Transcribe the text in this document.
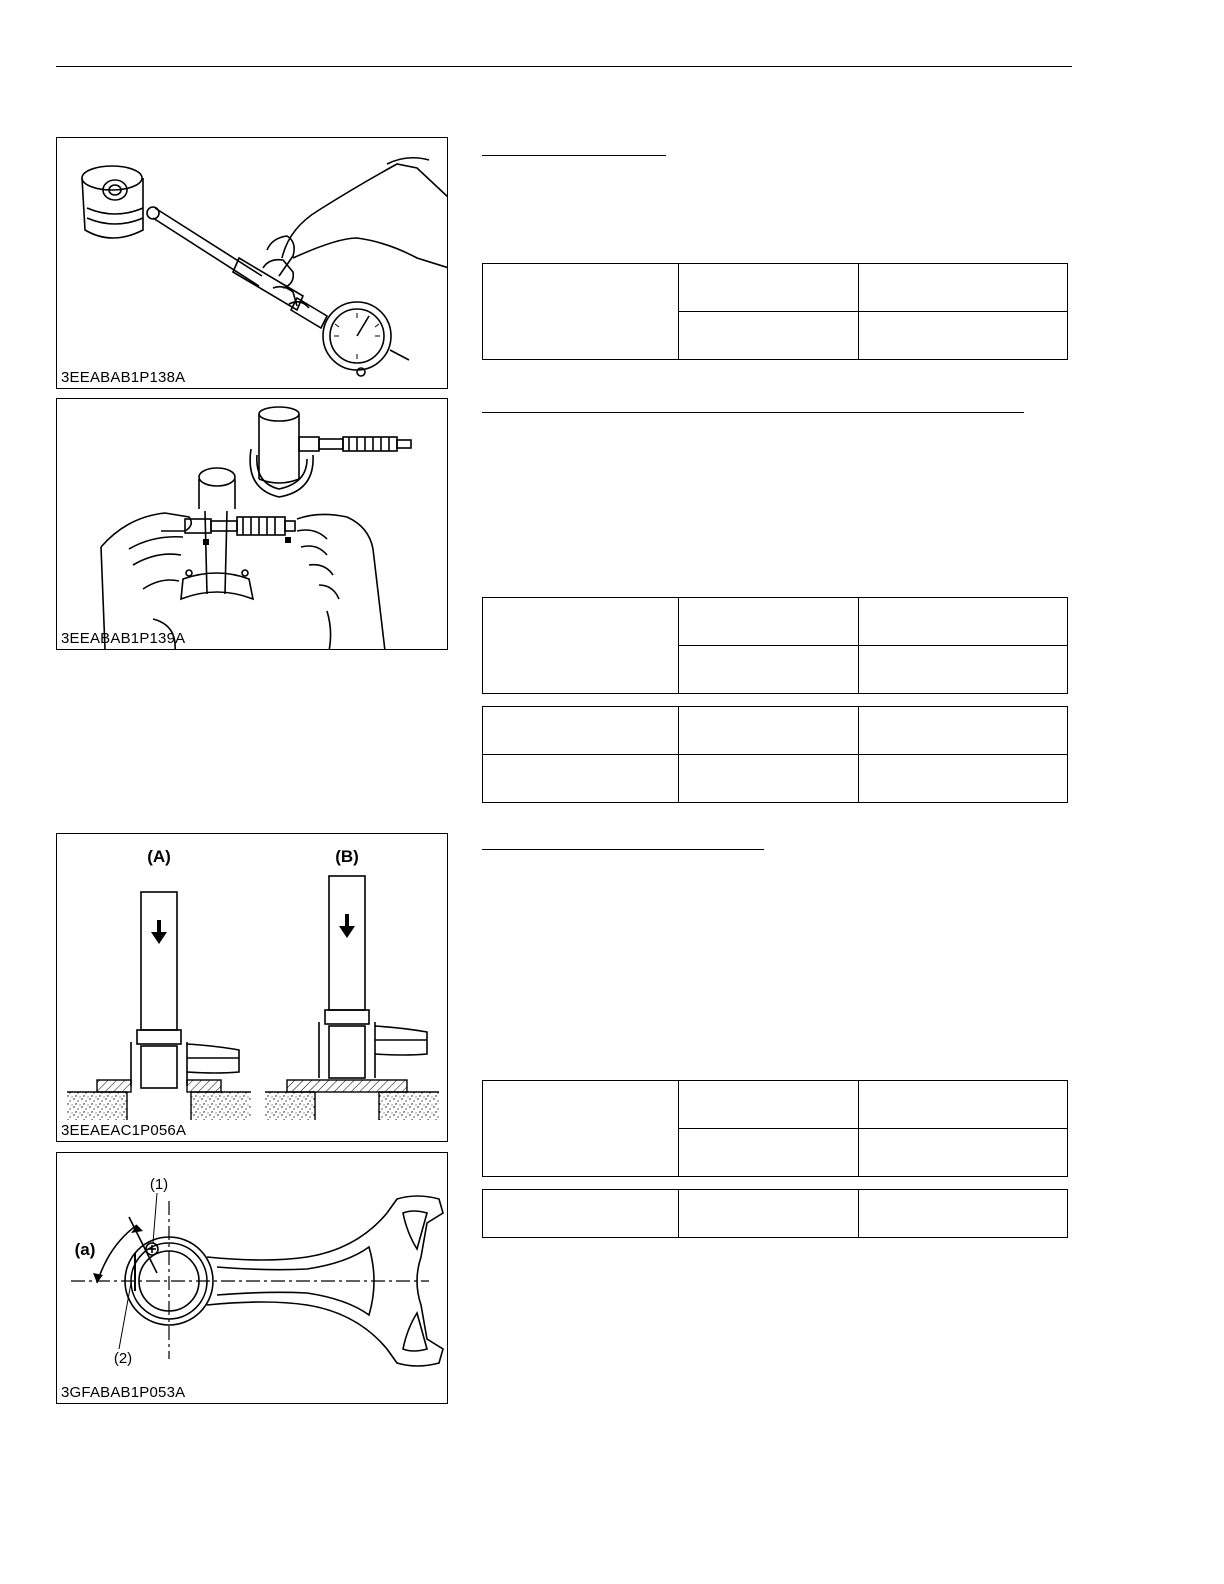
3EEABAB1P138A
3EEABAB1P139A
(A)	(B)
3EEAEAC1P056A
(1)
(2)
(a)
3GFABAB1P053A
